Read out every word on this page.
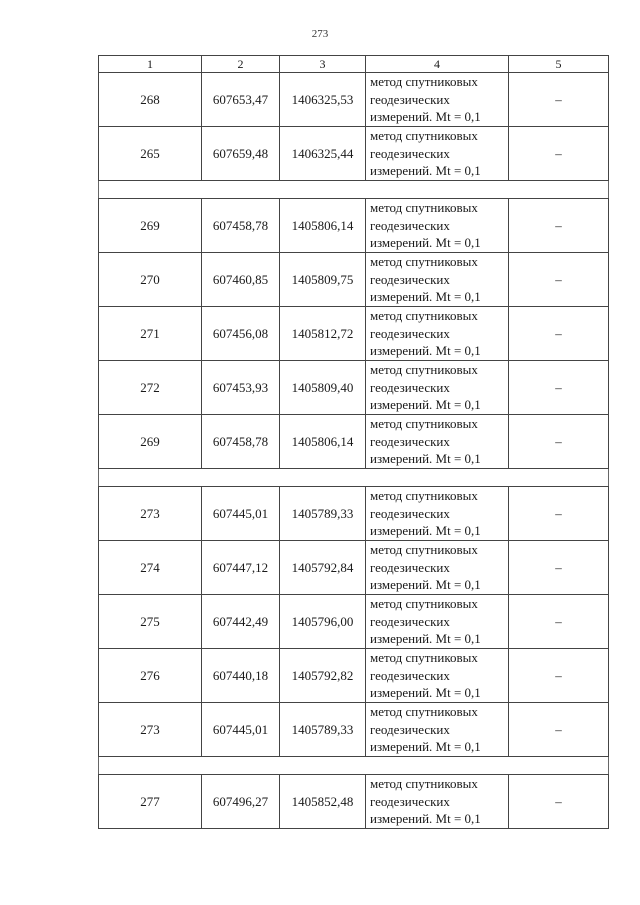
273
1	2	3	4	5
268	607653,47	1406325,53	метод спутниковых геодезических измерений. Mt = 0,1	–
265	607659,48	1406325,44	метод спутниковых геодезических измерений. Mt = 0,1	–

269	607458,78	1405806,14	метод спутниковых геодезических измерений. Mt = 0,1	–
270	607460,85	1405809,75	метод спутниковых геодезических измерений. Mt = 0,1	–
271	607456,08	1405812,72	метод спутниковых геодезических измерений. Mt = 0,1	–
272	607453,93	1405809,40	метод спутниковых геодезических измерений. Mt = 0,1	–
269	607458,78	1405806,14	метод спутниковых геодезических измерений. Mt = 0,1	–

273	607445,01	1405789,33	метод спутниковых геодезических измерений. Mt = 0,1	–
274	607447,12	1405792,84	метод спутниковых геодезических измерений. Mt = 0,1	–
275	607442,49	1405796,00	метод спутниковых геодезических измерений. Mt = 0,1	–
276	607440,18	1405792,82	метод спутниковых геодезических измерений. Mt = 0,1	–
273	607445,01	1405789,33	метод спутниковых геодезических измерений. Mt = 0,1	–

277	607496,27	1405852,48	метод спутниковых геодезических измерений. Mt = 0,1	–
